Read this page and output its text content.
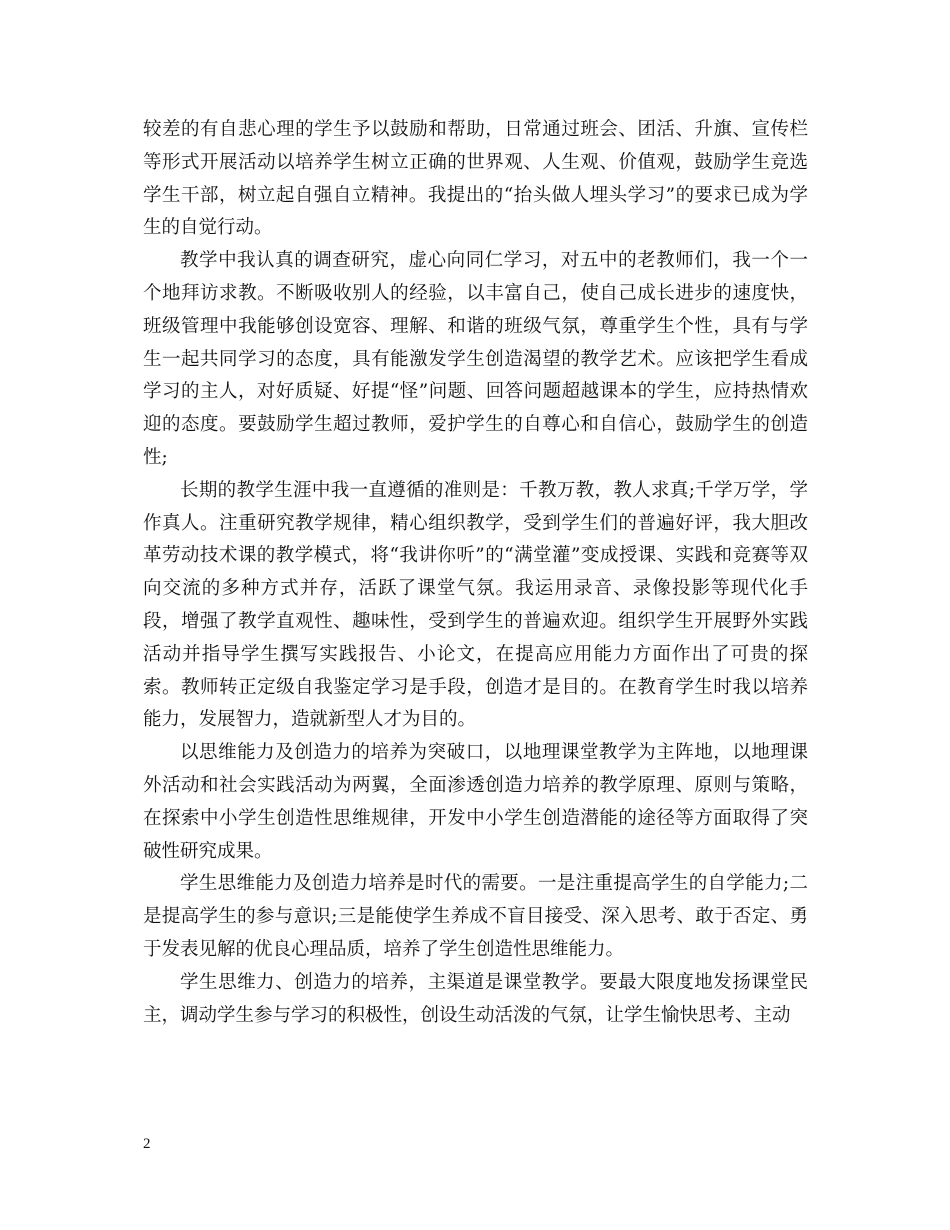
较差的有自悲心理的学生予以鼓励和帮助，日常通过班会、团活、升旗、宣传栏等形式开展活动以培养学生树立正确的世界观、人生观、价值观，鼓励学生竞选学生干部，树立起自强自立精神。我提出的“抬头做人埋头学习”的要求已成为学生的自觉行动。

教学中我认真的调查研究，虚心向同仁学习，对五中的老教师们，我一个一个地拜访求教。不断吸收别人的经验，以丰富自己，使自己成长进步的速度快，班级管理中我能够创设宽容、理解、和谐的班级气氛，尊重学生个性，具有与学生一起共同学习的态度，具有能激发学生创造渴望的教学艺术。应该把学生看成学习的主人，对好质疑、好提“怪”问题、回答问题超越课本的学生，应持热情欢迎的态度。要鼓励学生超过教师，爱护学生的自尊心和自信心，鼓励学生的创造性;

长期的教学生涯中我一直遵循的准则是：千教万教，教人求真;千学万学，学作真人。注重研究教学规律，精心组织教学，受到学生们的普遍好评，我大胆改革劳动技术课的教学模式，将“我讲你听”的“满堂灌”变成授课、实践和竞赛等双向交流的多种方式并存，活跃了课堂气氛。我运用录音、录像投影等现代化手段，增强了教学直观性、趣味性，受到学生的普遍欢迎。组织学生开展野外实践活动并指导学生撰写实践报告、小论文，在提高应用能力方面作出了可贵的探索。教师转正定级自我鉴定学习是手段，创造才是目的。在教育学生时我以培养能力，发展智力，造就新型人才为目的。

以思维能力及创造力的培养为突破口，以地理课堂教学为主阵地，以地理课外活动和社会实践活动为两翼，全面渗透创造力培养的教学原理、原则与策略，在探索中小学生创造性思维规律，开发中小学生创造潜能的途径等方面取得了突破性研究成果。

学生思维能力及创造力培养是时代的需要。一是注重提高学生的自学能力;二是提高学生的参与意识;三是能使学生养成不盲目接受、深入思考、敢于否定、勇于发表见解的优良心理品质，培养了学生创造性思维能力。

学生思维力、创造力的培养，主渠道是课堂教学。要最大限度地发扬课堂民主，调动学生参与学习的积极性，创设生动活泼的气氛，让学生愉快思考、主动

2
